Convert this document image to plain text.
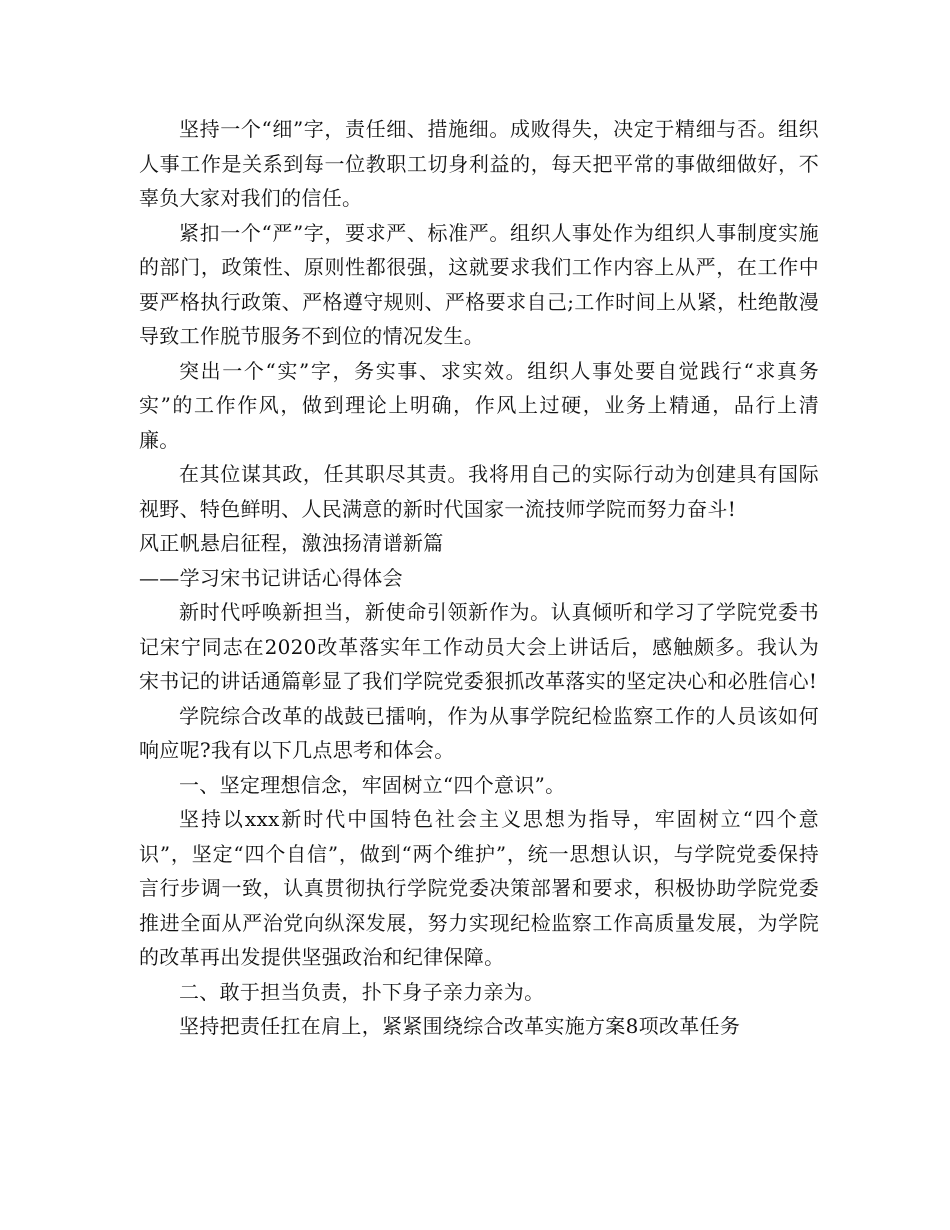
坚持一个“细”字，责任细、措施细。成败得失，决定于精细与否。组织人事工作是关系到每一位教职工切身利益的，每天把平常的事做细做好，不辜负大家对我们的信任。

紧扣一个“严”字，要求严、标准严。组织人事处作为组织人事制度实施的部门，政策性、原则性都很强，这就要求我们工作内容上从严，在工作中要严格执行政策、严格遵守规则、严格要求自己;工作时间上从紧，杜绝散漫导致工作脱节服务不到位的情况发生。

突出一个“实”字，务实事、求实效。组织人事处要自觉践行“求真务实”的工作作风，做到理论上明确，作风上过硬，业务上精通，品行上清廉。

在其位谋其政，任其职尽其责。我将用自己的实际行动为创建具有国际视野、特色鲜明、人民满意的新时代国家一流技师学院而努力奋斗!

风正帆悬启征程，激浊扬清谱新篇

——学习宋书记讲话心得体会

新时代呼唤新担当，新使命引领新作为。认真倾听和学习了学院党委书记宋宁同志在2020改革落实年工作动员大会上讲话后，感触颇多。我认为宋书记的讲话通篇彰显了我们学院党委狠抓改革落实的坚定决心和必胜信心!

学院综合改革的战鼓已擂响，作为从事学院纪检监察工作的人员该如何响应呢?我有以下几点思考和体会。

一、坚定理想信念，牢固树立“四个意识”。

坚持以xxx新时代中国特色社会主义思想为指导，牢固树立“四个意识”，坚定“四个自信”，做到“两个维护”，统一思想认识，与学院党委保持言行步调一致，认真贯彻执行学院党委决策部署和要求，积极协助学院党委推进全面从严治党向纵深发展，努力实现纪检监察工作高质量发展，为学院的改革再出发提供坚强政治和纪律保障。

二、敢于担当负责，扑下身子亲力亲为。

坚持把责任扛在肩上，紧紧围绕综合改革实施方案8项改革任务
